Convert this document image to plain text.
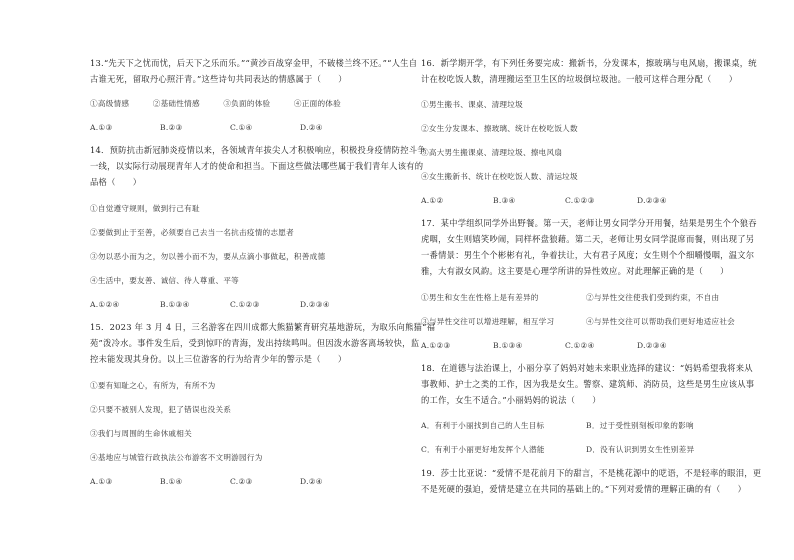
13.“先天下之忧而忧，后天下之乐而乐。”“黄沙百战穿金甲，不破楼兰终不还。”“人生自
古谁无死，留取丹心照汗青。”这些诗句共同表达的情感属于（　　）
①高级情感　　　②基础性情感　　　③负面的体验　　　④正面的体验
A.①③	B.②③	C.①④	D.②④
14．预防抗击新冠肺炎疫情以来，各领域青年拔尖人才积极响应，积极投身疫情防控斗争
一线，以实际行动展现青年人才的使命和担当。下面这些做法哪些属于我们青年人该有的
品格（　　）
①自觉遵守规则，做到行己有耻
②要做到止于至善，必须要自己去当一名抗击疫情的志愿者
③勿以恶小而为之，勿以善小而不为，要从点滴小事做起，积善成德
④生活中，要友善、诚信、待人尊重、平等
A.①②④	B.①③④	C.①②③	D.②③④
15．2023 年 3 月 4 日，三名游客在四川成都大熊猫繁育研究基地游玩，为取乐向熊猫“福
苑”泼冷水。事件发生后，受到惊吓的青海，发出持续鸣叫。但因泼水游客离场较快，监
控未能发现其身份。以上三位游客的行为给青少年的警示是（　　）
①要有知耻之心，有所为，有所不为
②只要不被别人发现，犯了错误也没关系
③我们与周围的生命休戚相关
④基地应与城管行政执法公布游客不文明游园行为
A.①③	B.①④	C.②③	D.②④
16．新学期开学，有下列任务要完成：搬新书，分发课本，擦玻璃与电风扇，搬课桌，统
计在校吃饭人数，清理搬运至卫生区的垃圾倒垃圾池。一般可这样合理分配（　　）
①男生搬书、课桌、清理垃圾
②女生分发课本、擦玻璃、统计在校吃饭人数
③高大男生搬课桌、清理垃圾、擦电风扇
④女生搬新书、统计在校吃饭人数、清运垃圾
A.①②	B.③④	C.①②③	D.②③④
17．某中学组织同学外出野餐。第一天，老师让男女同学分开用餐，结果是男生个个狼吞
虎咽，女生则嬉笑吵闹，同样杯盘狼藉。第二天，老师让男女同学混席而餐，则出现了另
一番情景：男生个个彬彬有礼，争着扶让，大有君子风度；女生则个个细嚼慢咽，温文尔
雅，大有淑女风韵。这主要是心理学所讲的异性效应。对此理解正确的是（　　）
①男生和女生在性格上是有差异的	②与异性交往使我们受到约束，不自由
③与异性交往可以增进理解，相互学习	④与异性交往可以帮助我们更好地适应社会
A.①②③	B.①③④	C.①②④	D.②③④
18．在道德与法治课上，小丽分享了妈妈对她未来职业选择的建议：“妈妈希望我将来从
事教师、护士之类的工作，因为我是女生。警察、建筑师、消防员，这些是男生应该从事
的工作，女生不适合。”小丽妈妈的说法（　　）
A．有利于小丽找到自己的人生目标	B．过于受性别刻板印象的影响
C．有利于小丽更好地发挥个人潜能	D．没有认识到男女生性别差异
19．莎士比亚说：“爱情不是花前月下的甜言，不是桃花源中的呓语，不是轻率的眼泪，更
不是死硬的强迫，爱情是建立在共同的基础上的。”下列对爱情的理解正确的有（　　）
